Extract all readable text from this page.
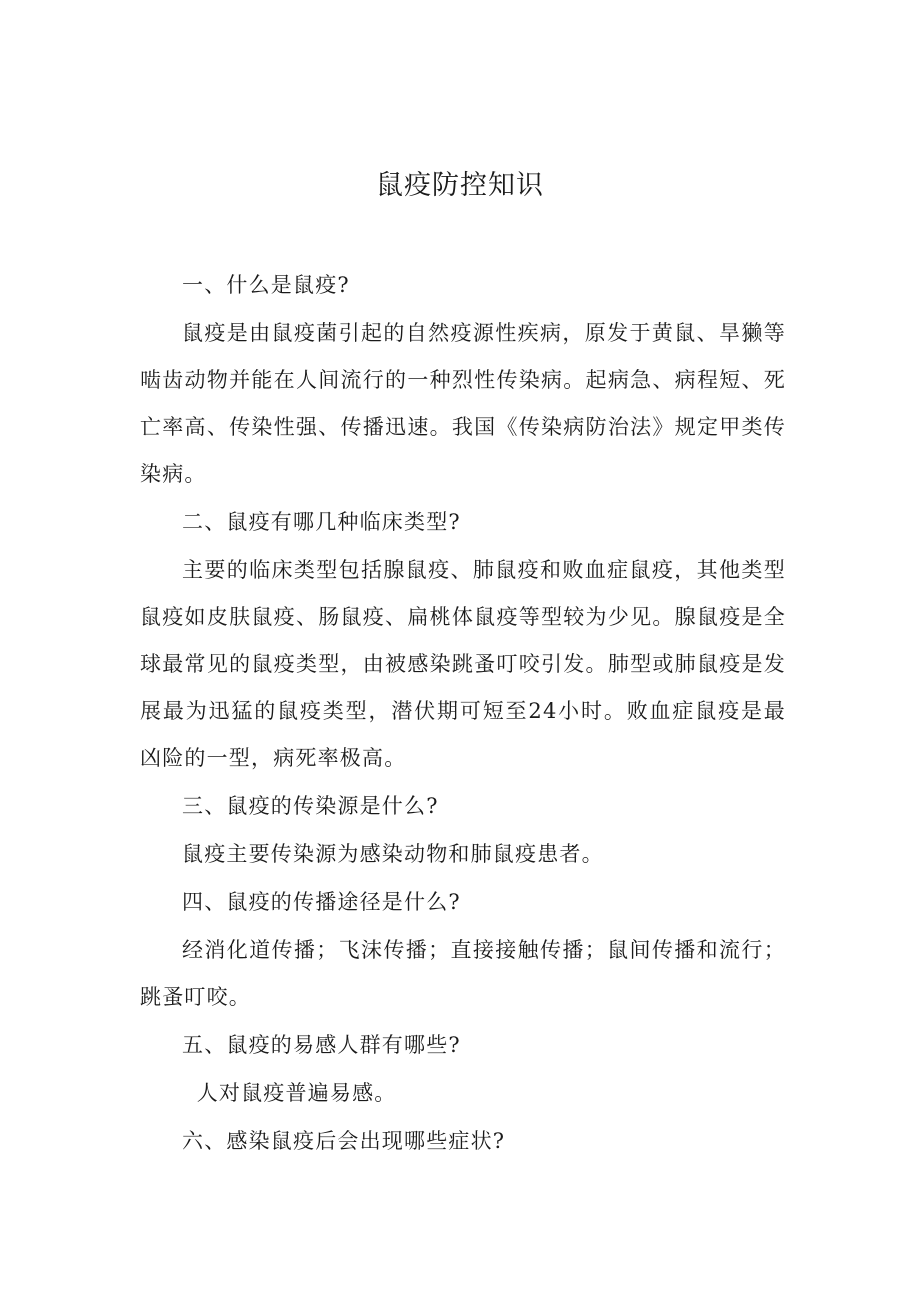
鼠疫防控知识

一、什么是鼠疫?

鼠疫是由鼠疫菌引起的自然疫源性疾病，原发于黄鼠、旱獭等啮齿动物并能在人间流行的一种烈性传染病。起病急、病程短、死亡率高、传染性强、传播迅速。我国《传染病防治法》规定甲类传染病。

二、鼠疫有哪几种临床类型?

主要的临床类型包括腺鼠疫、肺鼠疫和败血症鼠疫，其他类型鼠疫如皮肤鼠疫、肠鼠疫、扁桃体鼠疫等型较为少见。腺鼠疫是全球最常见的鼠疫类型，由被感染跳蚤叮咬引发。肺型或肺鼠疫是发展最为迅猛的鼠疫类型，潜伏期可短至24小时。败血症鼠疫是最凶险的一型，病死率极高。

三、鼠疫的传染源是什么?

鼠疫主要传染源为感染动物和肺鼠疫患者。

四、鼠疫的传播途径是什么?

经消化道传播；飞沫传播；直接接触传播；鼠间传播和流行；跳蚤叮咬。

五、鼠疫的易感人群有哪些?

人对鼠疫普遍易感。

六、感染鼠疫后会出现哪些症状?
